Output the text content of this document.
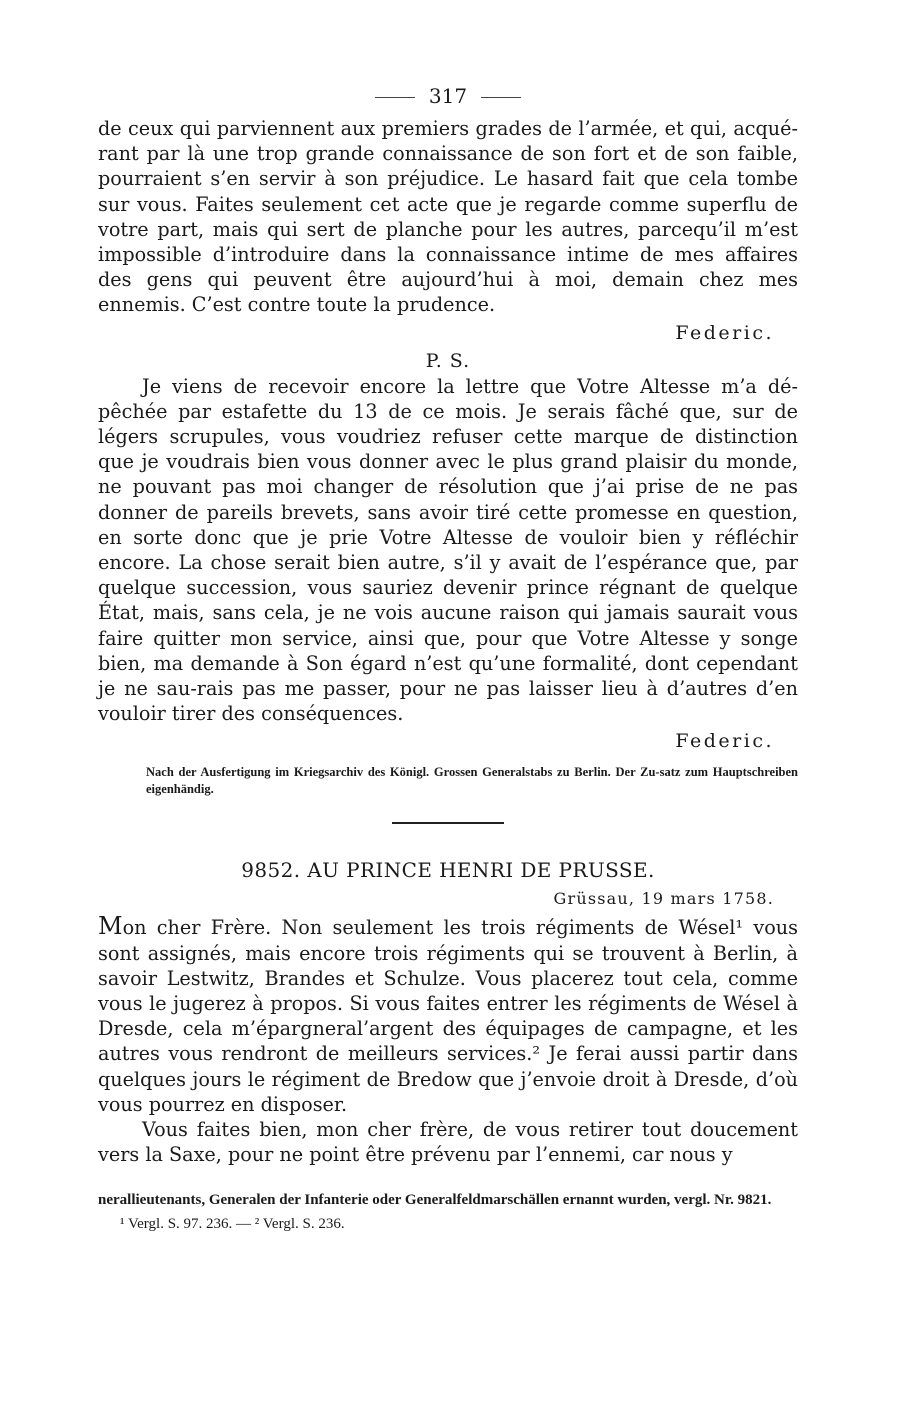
317

de ceux qui parviennent aux premiers grades de l’armée, et qui, acqué-rant par là une trop grande connaissance de son fort et de son faible, pourraient s’en servir à son préjudice. Le hasard fait que cela tombe sur vous. Faites seulement cet acte que je regarde comme superflu de votre part, mais qui sert de planche pour les autres, parcequ’il m’est impossible d’introduire dans la connaissance intime de mes affaires des gens qui peuvent être aujourd’hui à moi, demain chez mes ennemis. C’est contre toute la prudence.

Federic.
P. S.

Je viens de recevoir encore la lettre que Votre Altesse m’a dé-pêchée par estafette du 13 de ce mois. Je serais fâché que, sur de légers scrupules, vous voudriez refuser cette marque de distinction que je voudrais bien vous donner avec le plus grand plaisir du monde, ne pouvant pas moi changer de résolution que j’ai prise de ne pas donner de pareils brevets, sans avoir tiré cette promesse en question, en sorte donc que je prie Votre Altesse de vouloir bien y réfléchir encore. La chose serait bien autre, s’il y avait de l’espérance que, par quelque succession, vous sauriez devenir prince régnant de quelque État, mais, sans cela, je ne vois aucune raison qui jamais saurait vous faire quitter mon service, ainsi que, pour que Votre Altesse y songe bien, ma demande à Son égard n’est qu’une formalité, dont cependant je ne sau-rais pas me passer, pour ne pas laisser lieu à d’autres d’en vouloir tirer des conséquences.

Federic.

Nach der Ausfertigung im Kriegsarchiv des Königl. Grossen Generalstabs zu Berlin. Der Zu-satz zum Hauptschreiben eigenhändig.

9852. AU PRINCE HENRI DE PRUSSE.
Grüssau, 19 mars 1758.

Mon cher Frère. Non seulement les trois régiments de Wésel¹ vous sont assignés, mais encore trois régiments qui se trouvent à Berlin, à savoir Lestwitz, Brandes et Schulze. Vous placerez tout cela, comme vous le jugerez à propos. Si vous faites entrer les régiments de Wésel à Dresde, cela m’épargneral’argent des équipages de campagne, et les autres vous rendront de meilleurs services.² Je ferai aussi partir dans quelques jours le régiment de Bredow que j’envoie droit à Dresde, d’où vous pourrez en disposer.

Vous faites bien, mon cher frère, de vous retirer tout doucement vers la Saxe, pour ne point être prévenu par l’ennemi, car nous y

nerallieutenants, Generalen der Infanterie oder Generalfeldmarschällen ernannt wurden, vergl. Nr. 9821.

¹ Vergl. S. 97. 236. — ² Vergl. S. 236.
